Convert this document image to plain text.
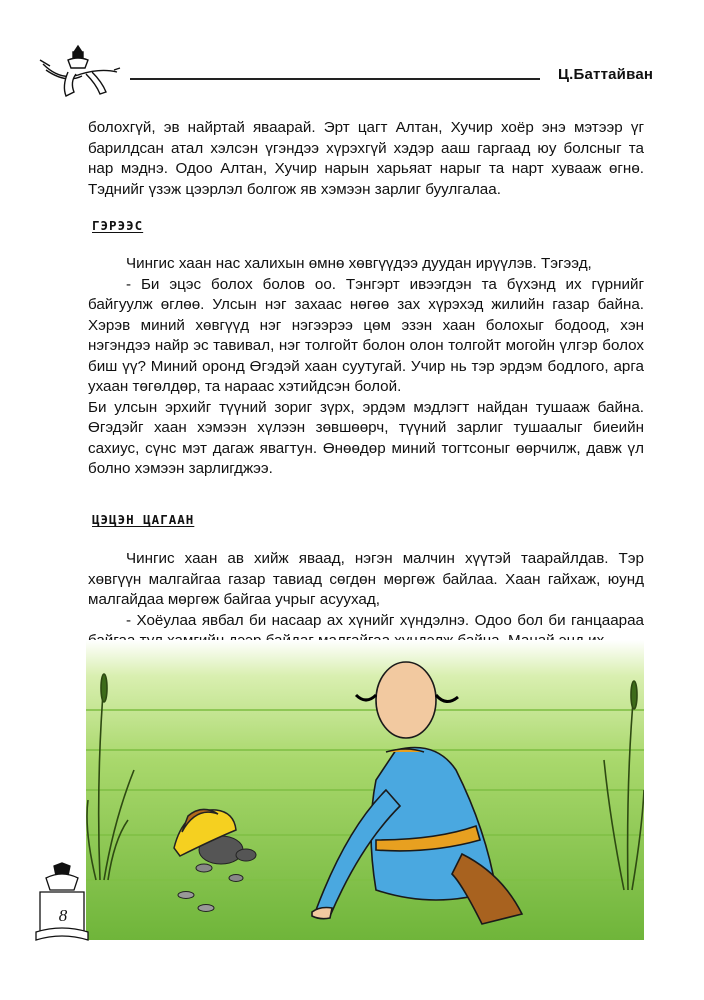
Ц.Баттайван

болохгүй, эв найртай яваарай. Эрт цагт Алтан, Хучир хоёр энэ мэтээр үг барилдсан атал хэлсэн үгэндээ хүрэхгүй хэдэр ааш гаргаад юу болсныг та нар мэднэ. Одоо Алтан, Хучир нарын харьяат нарыг та нарт хувааж өгнө. Тэднийг үзэж цээрлэл болгож яв хэмээн зарлиг буулгалаа.

ГЭРЭЭС

Чингис хаан нас халихын өмнө хөвгүүдээ дуудан ирүүлэв. Тэгээд,

- Би эцэс болох болов оо. Тэнгэрт ивээгдэн та бүхэнд их гүрнийг байгуулж өглөө. Улсын нэг захаас нөгөө зах хүрэхэд жилийн газар байна. Хэрэв миний хөвгүүд нэг нэгээрээ цөм эзэн хаан болохыг бодоод, хэн нэгэндээ найр эс тавивал, нэг толгойт болон олон толгойт могойн үлгэр болох биш үү? Миний оронд Өгэдэй хаан суутугай. Учир нь тэр эрдэм бодлого, арга ухаан төгөлдөр, та нараас хэтийдсэн болой.

Би улсын эрхийг түүний зориг зүрх, эрдэм мэдлэгт найдан тушааж байна. Өгэдэйг хаан хэмээн хүлээн зөвшөөрч, түүний зарлиг тушаалыг биеийн сахиус, сүнс мэт дагаж явагтун. Өнөөдөр миний тогтсоныг өөрчилж, давж үл болно хэмээн зарлигджээ.

ЦЭЦЭН ЦАГААН

Чингис хаан ав хийж яваад, нэгэн малчин хүүтэй таарайлдав. Тэр хөвгүүн малгайгаа газар тавиад сөгдөн мөргөж байлаа. Хаан гайхаж, юунд малгайдаа мөргөж байгаа учрыг асуухад,

- Хоёулаа явбал би насаар ах хүнийг хүндэлнэ. Одоо бол би ганцаараа

8
